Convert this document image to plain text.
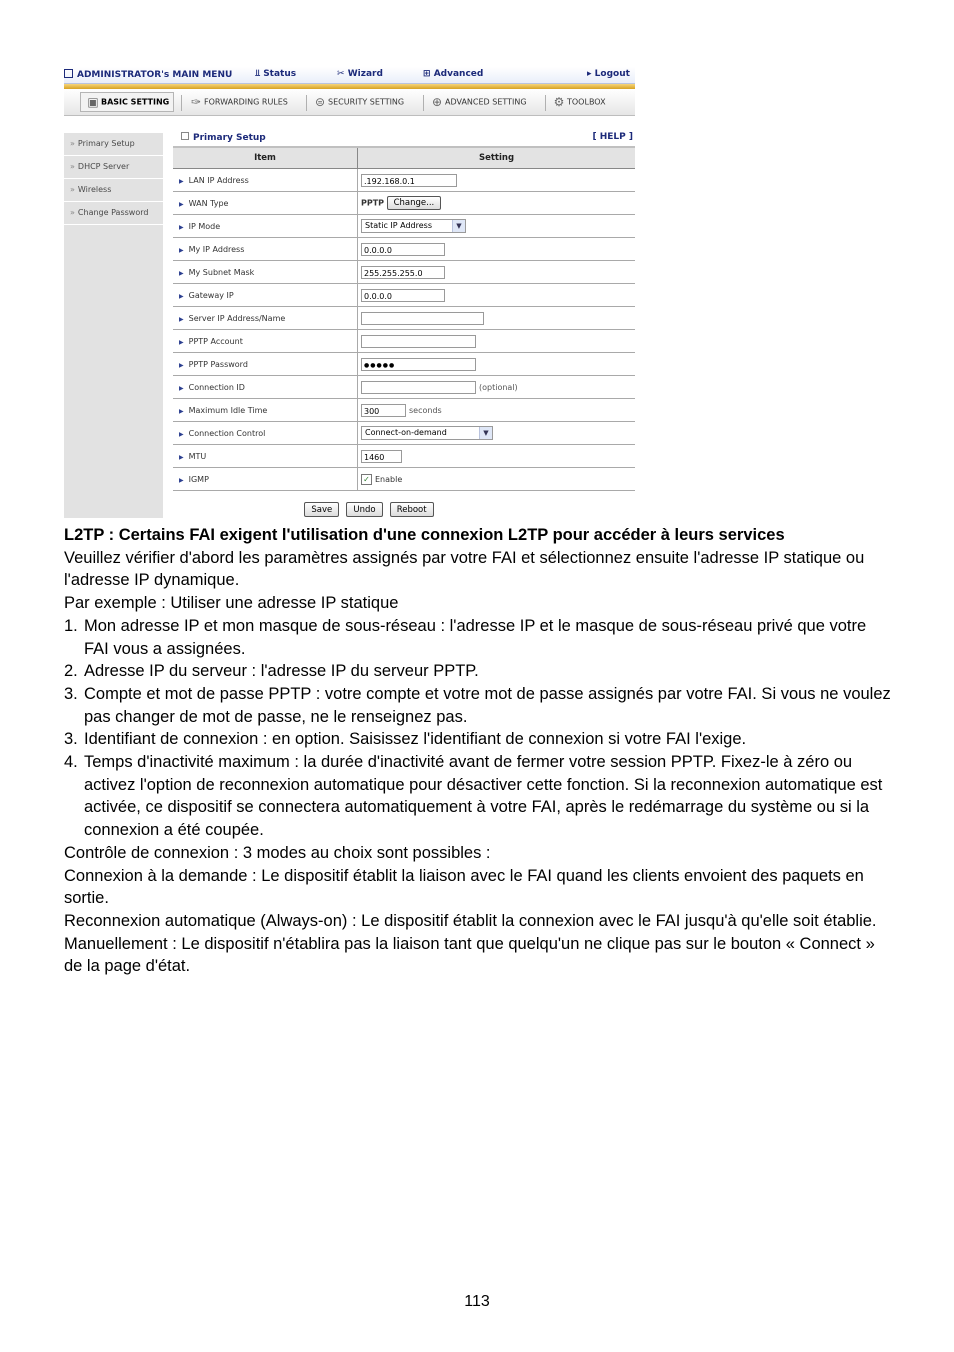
ADMINISTRATOR's MAIN MENU	⫫ Status	✂ Wizard	⊞ Advanced	▸ Logout
▣ BASIC SETTING	✑ FORWARDING RULES ⊜ SECURITY SETTING ⊕ ADVANCED SETTING ⚙ TOOLBOX
» Primary Setup
» DHCP Server
» Wireless
» Change Password
Primary Setup	[ HELP ]
Item	Setting
▶ LAN IP Address	.192.168.0.1
▶ WAN Type	PPTP Change...
▶ IP Mode	Static IP Address ▼

▶ My IP Address	0.0.0.0
▶ My Subnet Mask	255.255.255.0
▶ Gateway IP	0.0.0.0
▶ Server IP Address/Name	
▶ PPTP Account	
▶ PPTP Password	●●●●●
▶ Connection ID	(optional)
▶ Maximum Idle Time	300 seconds
▶ Connection Control	Connect-on-demand ▼

▶ MTU	1460
▶ IGMP	✓ Enable
Save Undo Reboot

L2TP : Certains FAI exigent l'utilisation d'une connexion L2TP pour accéder à leurs services

Veuillez vérifier d'abord les paramètres assignés par votre FAI et sélectionnez ensuite l'adresse IP statique ou l'adresse IP dynamique.

Par exemple : Utiliser une adresse IP statique

1. Mon adresse IP et mon masque de sous-réseau : l'adresse IP et le masque de sous-réseau privé que votre FAI vous a assignées.
2. Adresse IP du serveur : l'adresse IP du serveur PPTP.
3. Compte et mot de passe PPTP : votre compte et votre mot de passe assignés par votre FAI. Si vous ne voulez pas changer de mot de passe, ne le renseignez pas.
3. Identifiant de connexion : en option. Saisissez l'identifiant de connexion si votre FAI l'exige.
4. Temps d'inactivité maximum : la durée d'inactivité avant de fermer votre session PPTP. Fixez-le à zéro ou activez l'option de reconnexion automatique pour désactiver cette fonction. Si la reconnexion automatique est activée, ce dispositif se connectera automatiquement à votre FAI, après le redémarrage du système ou si la connexion a été coupée.

Contrôle de connexion : 3 modes au choix sont possibles :

Connexion à la demande : Le dispositif établit la liaison avec le FAI quand les clients envoient des paquets en sortie.

Reconnexion automatique (Always-on) : Le dispositif établit la connexion avec le FAI jusqu'à qu'elle soit établie.

Manuellement : Le dispositif n'établira pas la liaison tant que quelqu'un ne clique pas sur le bouton « Connect » de la page d'état.

113
